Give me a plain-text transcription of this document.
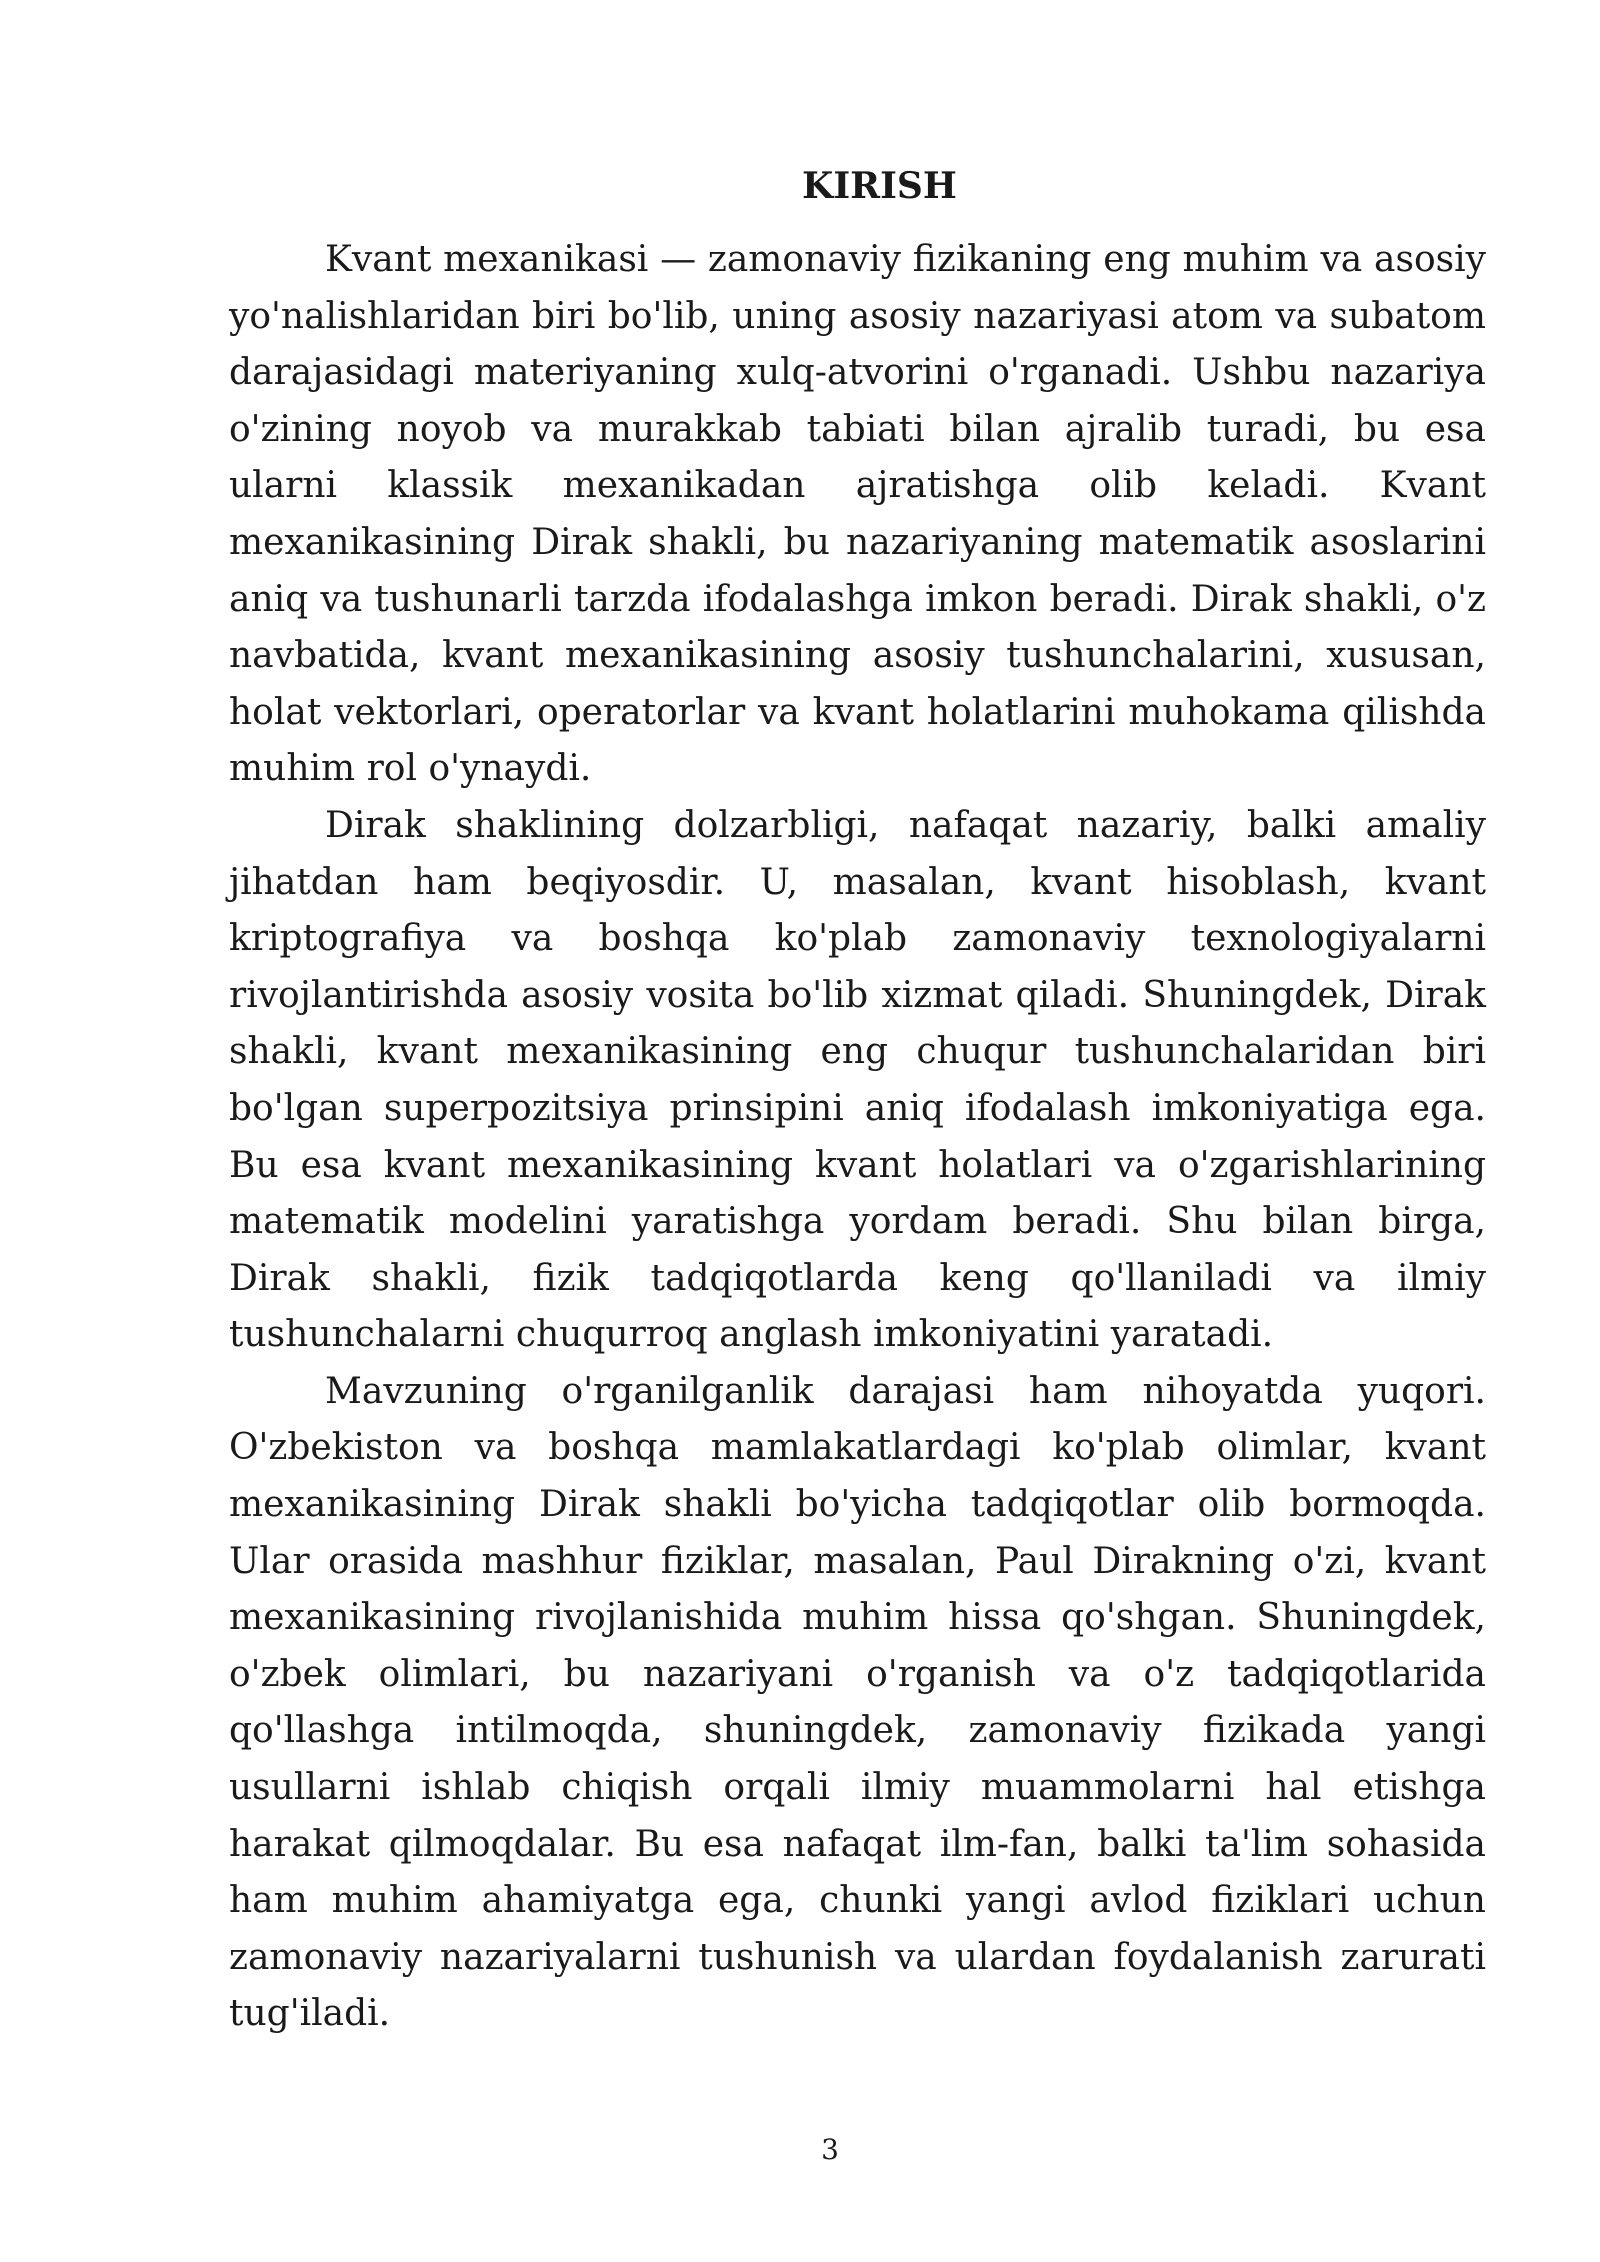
KIRISH

Kvant mexanikasi — zamonaviy fizikaning eng muhim va asosiy yo'nalishlaridan biri bo'lib, uning asosiy nazariyasi atom va subatom darajasidagi materiyaning xulq-atvorini o'rganadi. Ushbu nazariya o'zining noyob va murakkab tabiati bilan ajralib turadi, bu esa ularni klassik mexanikadan ajratishga olib keladi. Kvant mexanikasining Dirak shakli, bu nazariyaning matematik asoslarini aniq va tushunarli tarzda ifodalashga imkon beradi. Dirak shakli, o'z navbatida, kvant mexanikasining asosiy tushunchalarini, xususan, holat vektorlari, operatorlar va kvant holatlarini muhokama qilishda muhim rol o'ynaydi.

Dirak shaklining dolzarbligi, nafaqat nazariy, balki amaliy jihatdan ham beqiyosdir. U, masalan, kvant hisoblash, kvant kriptografiya va boshqa ko'plab zamonaviy texnologiyalarni rivojlantirishda asosiy vosita bo'lib xizmat qiladi. Shuningdek, Dirak shakli, kvant mexanikasining eng chuqur tushunchalaridan biri bo'lgan superpozitsiya prinsipini aniq ifodalash imkoniyatiga ega. Bu esa kvant mexanikasining kvant holatlari va o'zgarishlarining matematik modelini yaratishga yordam beradi. Shu bilan birga, Dirak shakli, fizik tadqiqotlarda keng qo'llaniladi va ilmiy tushunchalarni chuqurroq anglash imkoniyatini yaratadi.

Mavzuning o'rganilganlik darajasi ham nihoyatda yuqori. O'zbekiston va boshqa mamlakatlardagi ko'plab olimlar, kvant mexanikasining Dirak shakli bo'yicha tadqiqotlar olib bormoqda. Ular orasida mashhur fiziklar, masalan, Paul Dirakning o'zi, kvant mexanikasining rivojlanishida muhim hissa qo'shgan. Shuningdek, o'zbek olimlari, bu nazariyani o'rganish va o'z tadqiqotlarida qo'llashga intilmoqda, shuningdek, zamonaviy fizikada yangi usullarni ishlab chiqish orqali ilmiy muammolarni hal etishga harakat qilmoqdalar. Bu esa nafaqat ilm-fan, balki ta'lim sohasida ham muhim ahamiyatga ega, chunki yangi avlod fiziklari uchun zamonaviy nazariyalarni tushunish va ulardan foydalanish zarurati tug'iladi.

3
